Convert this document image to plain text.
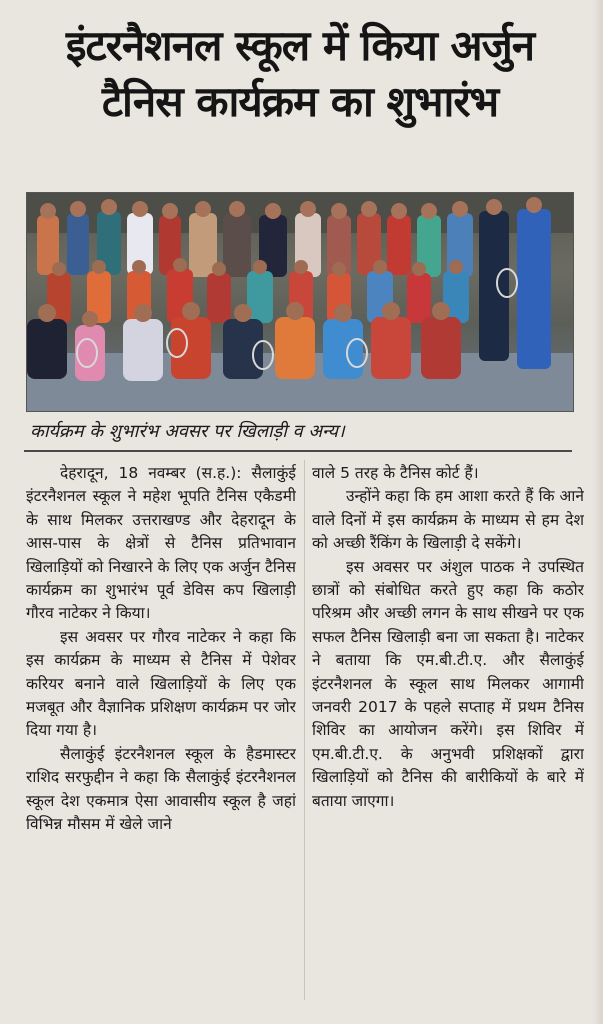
इंटरनैशनल स्कूल में किया अर्जुन
टैनिस कार्यक्रम का शुभारंभ
कार्यक्रम के शुभारंभ अवसर पर खिलाड़ी व अन्य।

देहरादून, 18 नवम्बर (स.ह.): सैलाकुंई इंटरनैशनल स्कूल ने महेश भूपति टैनिस एकैडमी के साथ मिलकर उत्तराखण्ड और देहरादून के आस-पास के क्षेत्रों से टैनिस प्रतिभावान खिलाड़ियों को निखारने के लिए एक अर्जुन टैनिस कार्यक्रम का शुभारंभ पूर्व डेविस कप खिलाड़ी गौरव नाटेकर ने किया।

इस अवसर पर गौरव नाटेकर ने कहा कि इस कार्यक्रम के माध्यम से टैनिस में पेशेवर करियर बनाने वाले खिलाड़ियों के लिए एक मजबूत और वैज्ञानिक प्रशिक्षण कार्यक्रम पर जोर दिया गया है।

सैलाकुंई इंटरनैशनल स्कूल के हैडमास्टर राशिद सरफुद्दीन ने कहा कि सैलाकुंई इंटरनैशनल स्कूल देश एकमात्र ऐसा आवासीय स्कूल है जहां विभिन्न मौसम में खेले जाने

वाले 5 तरह के टैनिस कोर्ट हैं।

उन्होंने कहा कि हम आशा करते हैं कि आने वाले दिनों में इस कार्यक्रम के माध्यम से हम देश को अच्छी रैंकिंग के खिलाड़ी दे सकेंगे।

इस अवसर पर अंशुल पाठक ने उपस्थित छात्रों को संबोधित करते हुए कहा कि कठोर परिश्रम और अच्छी लगन के साथ सीखने पर एक सफल टैनिस खिलाड़ी बना जा सकता है। नाटेकर ने बताया कि एम.बी.टी.ए. और सैलाकुंई इंटरनैशनल के स्कूल साथ मिलकर आगामी जनवरी 2017 के पहले सप्ताह में प्रथम टैनिस शिविर का आयोजन करेंगे। इस शिविर में एम.बी.टी.ए. के अनुभवी प्रशिक्षकों द्वारा खिलाड़ियों को टैनिस की बारीकियों के बारे में बताया जाएगा।
